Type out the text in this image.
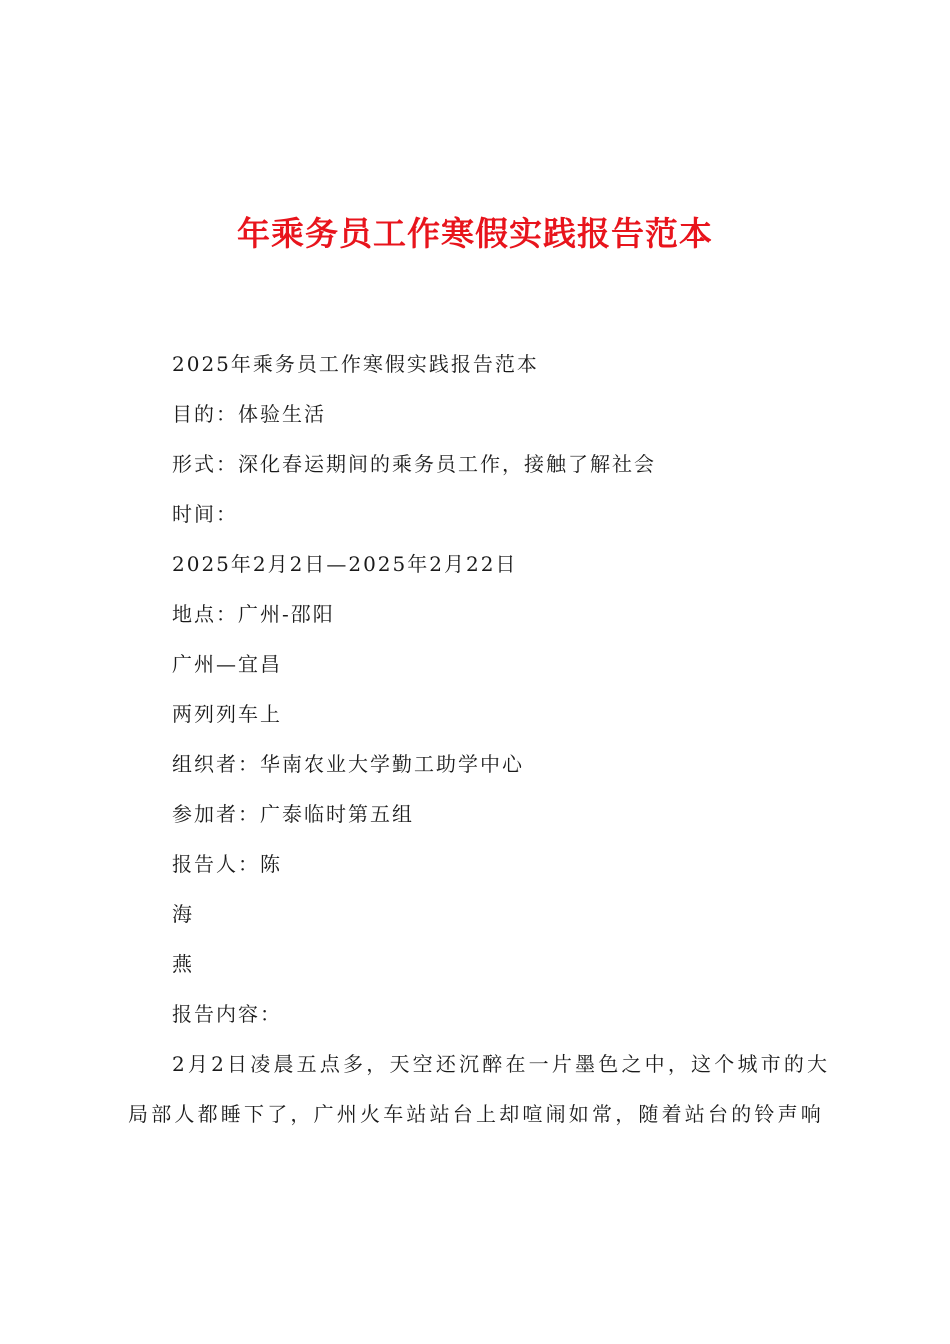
年乘务员工作寒假实践报告范本
2025年乘务员工作寒假实践报告范本
目的：体验生活
形式：深化春运期间的乘务员工作，接触了解社会
时间：
2025年2月2日—2025年2月22日
地点：广州-邵阳
广州—宜昌
两列列车上
组织者：华南农业大学勤工助学中心
参加者：广泰临时第五组
报告人：陈
海
燕
报告内容：
2月2日凌晨五点多，天空还沉醉在一片墨色之中，这个城市的大
局部人都睡下了，广州火车站站台上却喧闹如常，随着站台的铃声响
